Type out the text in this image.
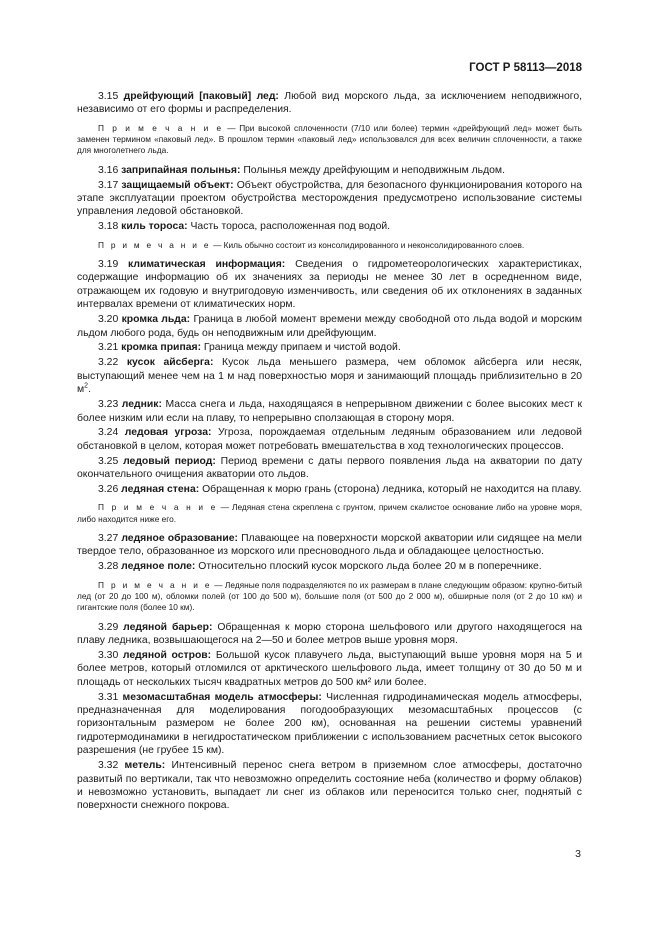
ГОСТ Р 58113—2018

3.15 дрейфующий [паковый] лед: Любой вид морского льда, за исключением неподвижного, независимо от его формы и распределения.

П р и м е ч а н и е — При высокой сплоченности (7/10 или более) термин «дрейфующий лед» может быть заменен термином «паковый лед». В прошлом термин «паковый лед» использовался для всех величин сплоченности, а также для многолетнего льда.

3.16 заприпайная полынья: Полынья между дрейфующим и неподвижным льдом.

3.17 защищаемый объект: Объект обустройства, для безопасного функционирования которого на этапе эксплуатации проектом обустройства месторождения предусмотрено использование системы управления ледовой обстановкой.

3.18 киль тороса: Часть тороса, расположенная под водой.

П р и м е ч а н и е — Киль обычно состоит из консолидированного и неконсолидированного слоев.

3.19 климатическая информация: Сведения о гидрометеорологических характеристиках, содержащие информацию об их значениях за периоды не менее 30 лет в осредненном виде, отражающем их годовую и внутригодовую изменчивость, или сведения об их отклонениях в заданных интервалах времени от климатических норм.

3.20 кромка льда: Граница в любой момент времени между свободной ото льда водой и морским льдом любого рода, будь он неподвижным или дрейфующим.

3.21 кромка припая: Граница между припаем и чистой водой.

3.22 кусок айсберга: Кусок льда меньшего размера, чем обломок айсберга или несяк, выступающий менее чем на 1 м над поверхностью моря и занимающий площадь приблизительно в 20 $м^2$.

3.23 ледник: Масса снега и льда, находящаяся в непрерывном движении с более высоких мест к более низким или если на плаву, то непрерывно сползающая в сторону моря.

3.24 ледовая угроза: Угроза, порождаемая отдельным ледяным образованием или ледовой обстановкой в целом, которая может потребовать вмешательства в ход технологических процессов.

3.25 ледовый период: Период времени с даты первого появления льда на акватории по дату окончательного очищения акватории ото льдов.

3.26 ледяная стена: Обращенная к морю грань (сторона) ледника, который не находится на плаву.

П р и м е ч а н и е — Ледяная стена скреплена с грунтом, причем скалистое основание либо на уровне моря, либо находится ниже его.

3.27 ледяное образование: Плавающее на поверхности морской акватории или сидящее на мели твердое тело, образованное из морского или пресноводного льда и обладающее целостностью.

3.28 ледяное поле: Относительно плоский кусок морского льда более 20 м в поперечнике.

П р и м е ч а н и е — Ледяные поля подразделяются по их размерам в плане следующим образом: крупно-битый лед (от 20 до 100 м), обломки полей (от 100 до 500 м), большие поля (от 500 до 2 000 м), обширные поля (от 2 до 10 км) и гигантские поля (более 10 км).

3.29 ледяной барьер: Обращенная к морю сторона шельфового или другого находящегося на плаву ледника, возвышающегося на 2—50 и более метров выше уровня моря.

3.30 ледяной остров: Большой кусок плавучего льда, выступающий выше уровня моря на 5 и более метров, который отломился от арктического шельфового льда, имеет толщину от 30 до 50 м и площадь от нескольких тысяч квадратных метров до 500 км² или более.

3.31 мезомасштабная модель атмосферы: Численная гидродинамическая модель атмосферы, предназначенная для моделирования погодообразующих мезомасштабных процессов (с горизонтальным размером не более 200 км), основанная на решении системы уравнений гидротермодинамики в негидростатическом приближении с использованием расчетных сеток высокого разрешения (не грубее 15 км).

3.32 метель: Интенсивный перенос снега ветром в приземном слое атмосферы, достаточно развитый по вертикали, так что невозможно определить состояние неба (количество и форму облаков) и невозможно установить, выпадает ли снег из облаков или переносится только снег, поднятый с поверхности снежного покрова.

3
